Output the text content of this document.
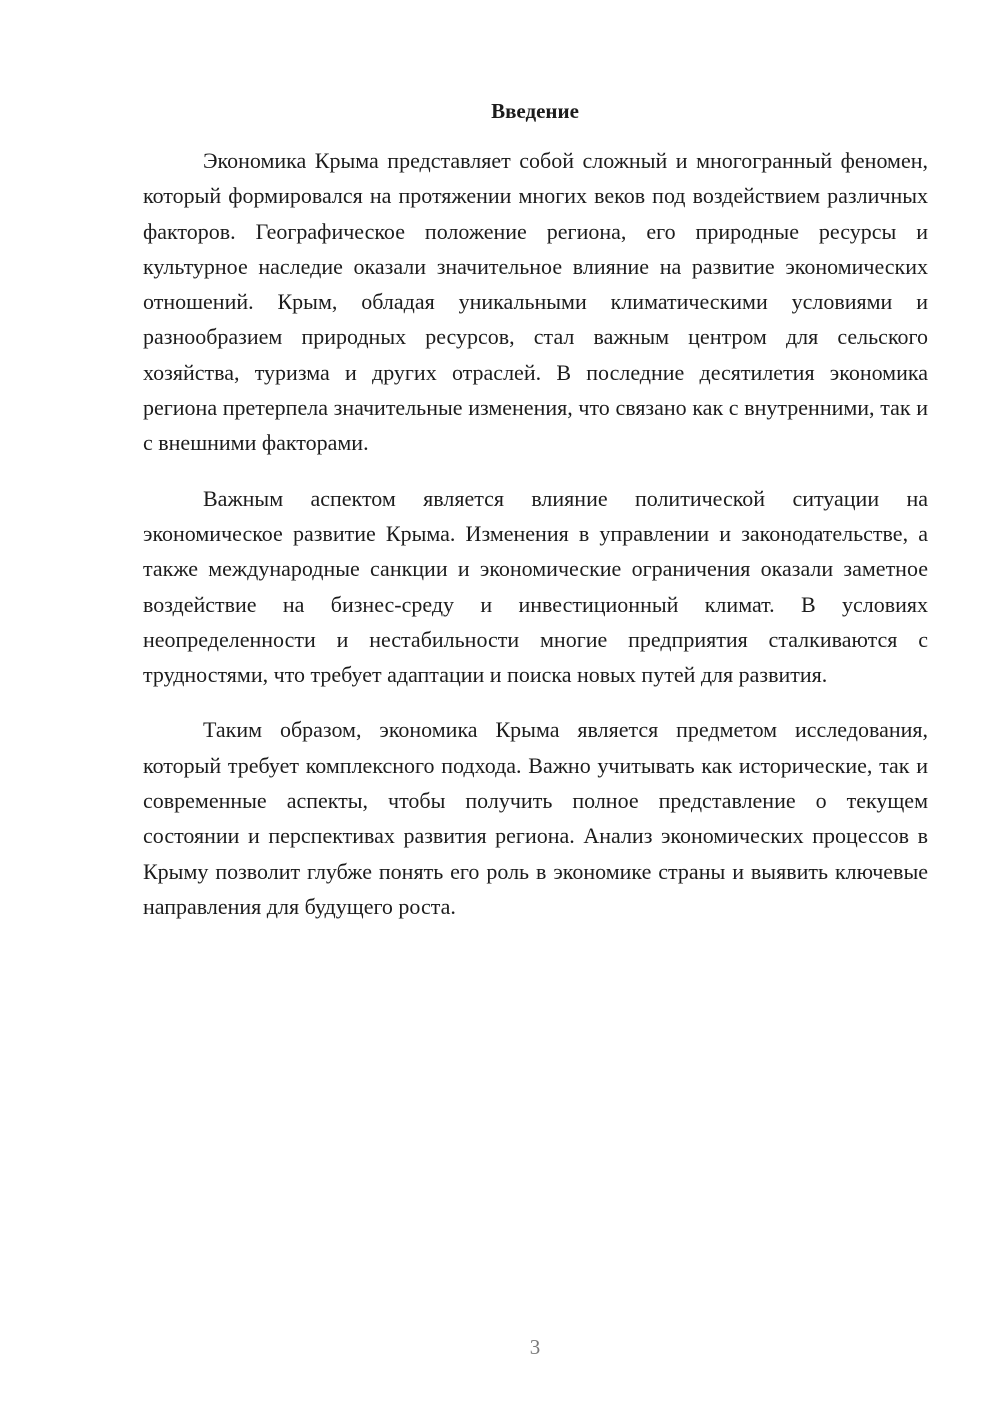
Введение

Экономика Крыма представляет собой сложный и многогранный феномен, который формировался на протяжении многих веков под воздействием различных факторов. Географическое положение региона, его природные ресурсы и культурное наследие оказали значительное влияние на развитие экономических отношений. Крым, обладая уникальными климатическими условиями и разнообразием природных ресурсов, стал важным центром для сельского хозяйства, туризма и других отраслей. В последние десятилетия экономика региона претерпела значительные изменения, что связано как с внутренними, так и с внешними факторами.

Важным аспектом является влияние политической ситуации на экономическое развитие Крыма. Изменения в управлении и законодательстве, а также международные санкции и экономические ограничения оказали заметное воздействие на бизнес-среду и инвестиционный климат. В условиях неопределенности и нестабильности многие предприятия сталкиваются с трудностями, что требует адаптации и поиска новых путей для развития.

Таким образом, экономика Крыма является предметом исследования, который требует комплексного подхода. Важно учитывать как исторические, так и современные аспекты, чтобы получить полное представление о текущем состоянии и перспективах развития региона. Анализ экономических процессов в Крыму позволит глубже понять его роль в экономике страны и выявить ключевые направления для будущего роста.

3
